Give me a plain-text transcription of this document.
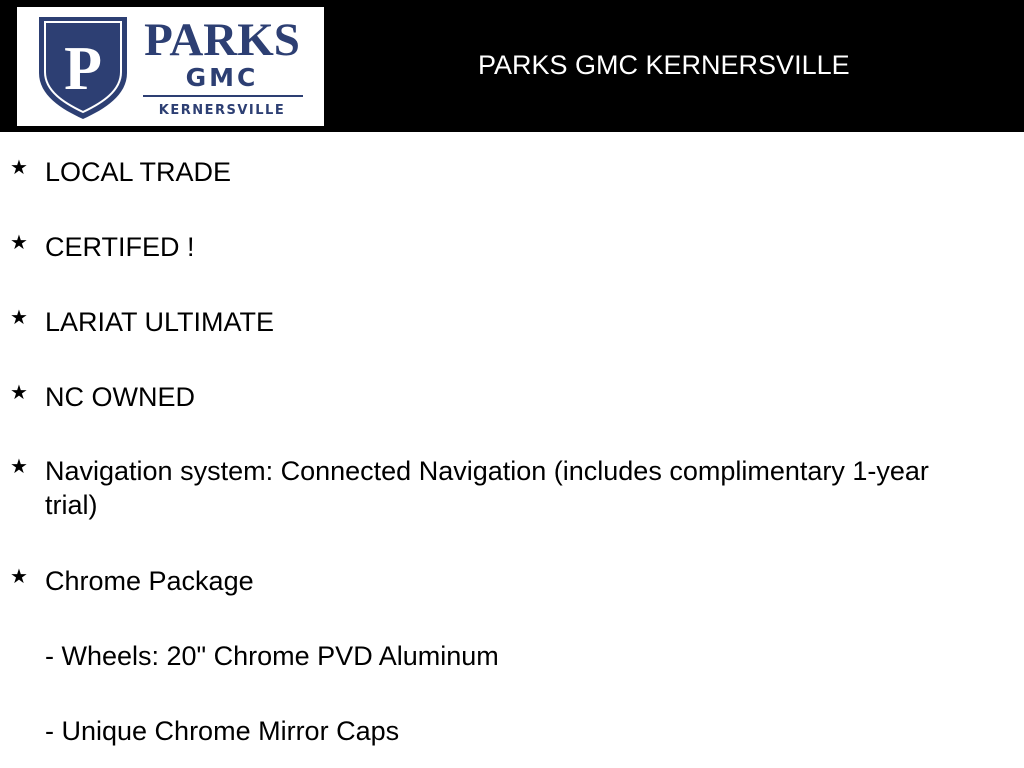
P PARKS
GMC
KERNERSVILLE
PARKS GMC KERNERSVILLE
★ LOCAL TRADE
★ CERTIFED !
★ LARIAT ULTIMATE
★ NC OWNED
★ Navigation system: Connected Navigation (includes complimentary 1-year trial)
★ Chrome Package
- Wheels: 20" Chrome PVD Aluminum
- Unique Chrome Mirror Caps
